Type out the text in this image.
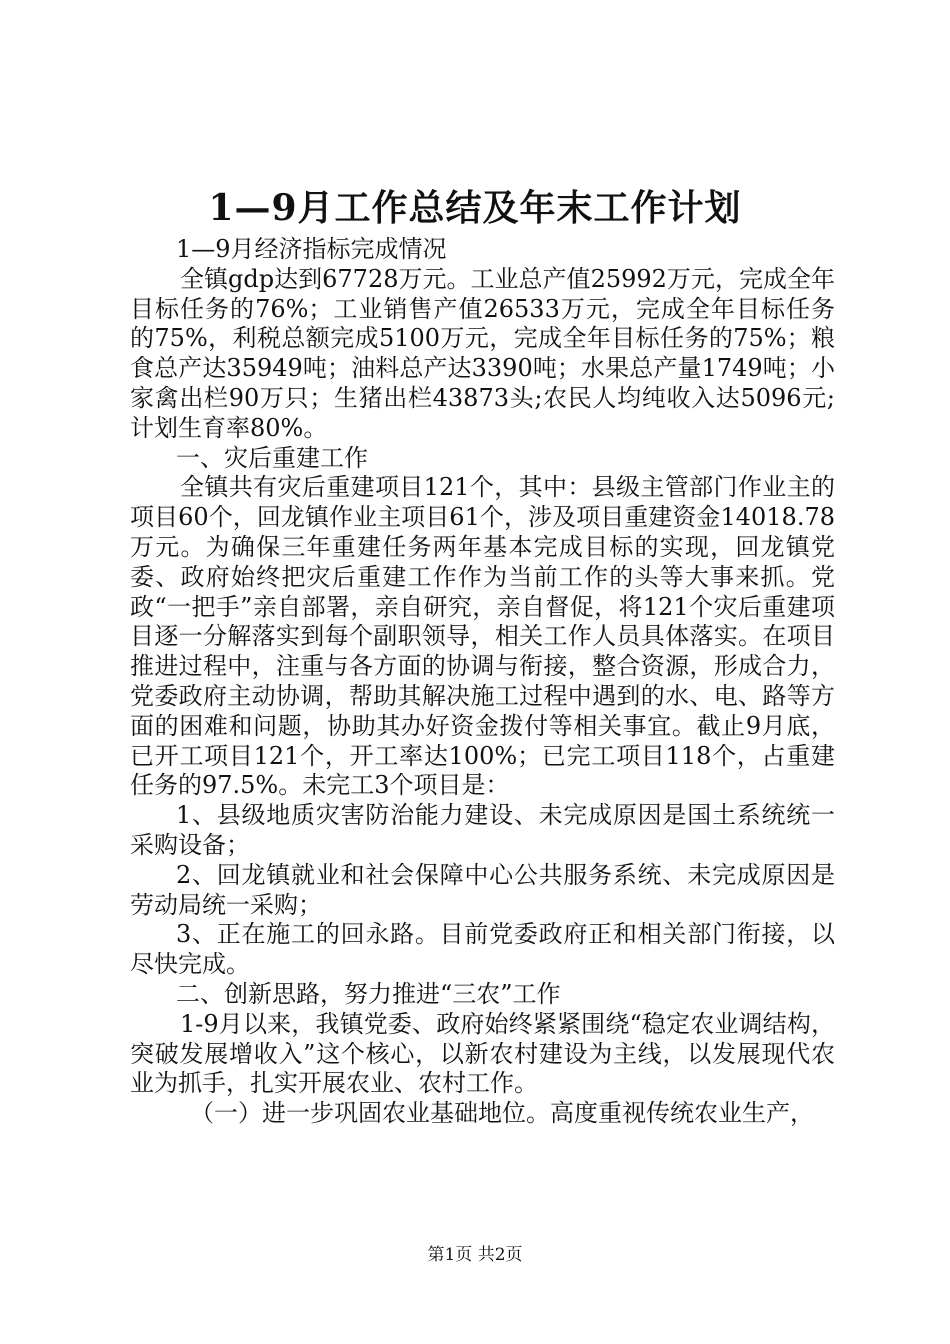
1—9月工作总结及年末工作计划

1—9月经济指标完成情况

全镇gdp达到67728万元。工业总产值25992万元，完成全年目标任务的76%；工业销售产值26533万元，完成全年目标任务的75%，利税总额完成5100万元，完成全年目标任务的75%；粮食总产达35949吨；油料总产达3390吨；水果总产量1749吨；小家禽出栏90万只；生猪出栏43873头;农民人均纯收入达5096元;计划生育率80%。

一、灾后重建工作

全镇共有灾后重建项目121个，其中：县级主管部门作业主的项目60个，回龙镇作业主项目61个，涉及项目重建资金14018.78万元。为确保三年重建任务两年基本完成目标的实现，回龙镇党委、政府始终把灾后重建工作作为当前工作的头等大事来抓。党政“一把手”亲自部署，亲自研究，亲自督促，将121个灾后重建项目逐一分解落实到每个副职领导，相关工作人员具体落实。在项目推进过程中，注重与各方面的协调与衔接，整合资源，形成合力，党委政府主动协调，帮助其解决施工过程中遇到的水、电、路等方面的困难和问题，协助其办好资金拨付等相关事宜。截止9月底，已开工项目121个，开工率达100%；已完工项目118个，占重建任务的97.5%。未完工3个项目是：

1、县级地质灾害防治能力建设、未完成原因是国土系统统一采购设备；

2、回龙镇就业和社会保障中心公共服务系统、未完成原因是劳动局统一采购；

3、正在施工的回永路。目前党委政府正和相关部门衔接，以尽快完成。

二、创新思路，努力推进“三农”工作

1-9月以来，我镇党委、政府始终紧紧围绕“稳定农业调结构，突破发展增收入”这个核心，以新农村建设为主线，以发展现代农业为抓手，扎实开展农业、农村工作。

（一）进一步巩固农业基础地位。高度重视传统农业生产，

第1页 共2页
